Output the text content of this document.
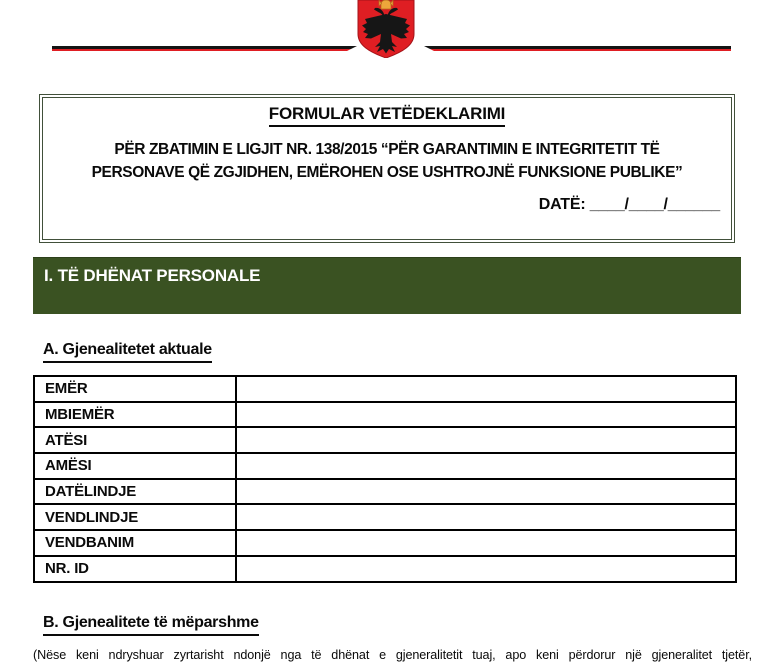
FORMULAR VETËDEKLARIMI
PËR ZBATIMIN E LIGJIT NR. 138/2015 “PËR GARANTIMIN E INTEGRITETIT TË PERSONAVE QË ZGJIDHEN, EMËROHEN OSE USHTROJNË FUNKSIONE PUBLIKE”
DATË: ____/____/______
I. TË DHËNAT PERSONALE
A. Gjenealitetet aktuale
EMËR	
MBIEMËR	
ATËSI	
AMËSI	
DATËLINDJE	
VENDLINDJE	
VENDBANIM	
NR. ID	
B. Gjenealitete të mëparshme
(Nëse keni ndryshuar zyrtarisht ndonjë nga të dhënat e gjeneralitetit tuaj, apo keni përdorur një gjeneralitet tjetër,
